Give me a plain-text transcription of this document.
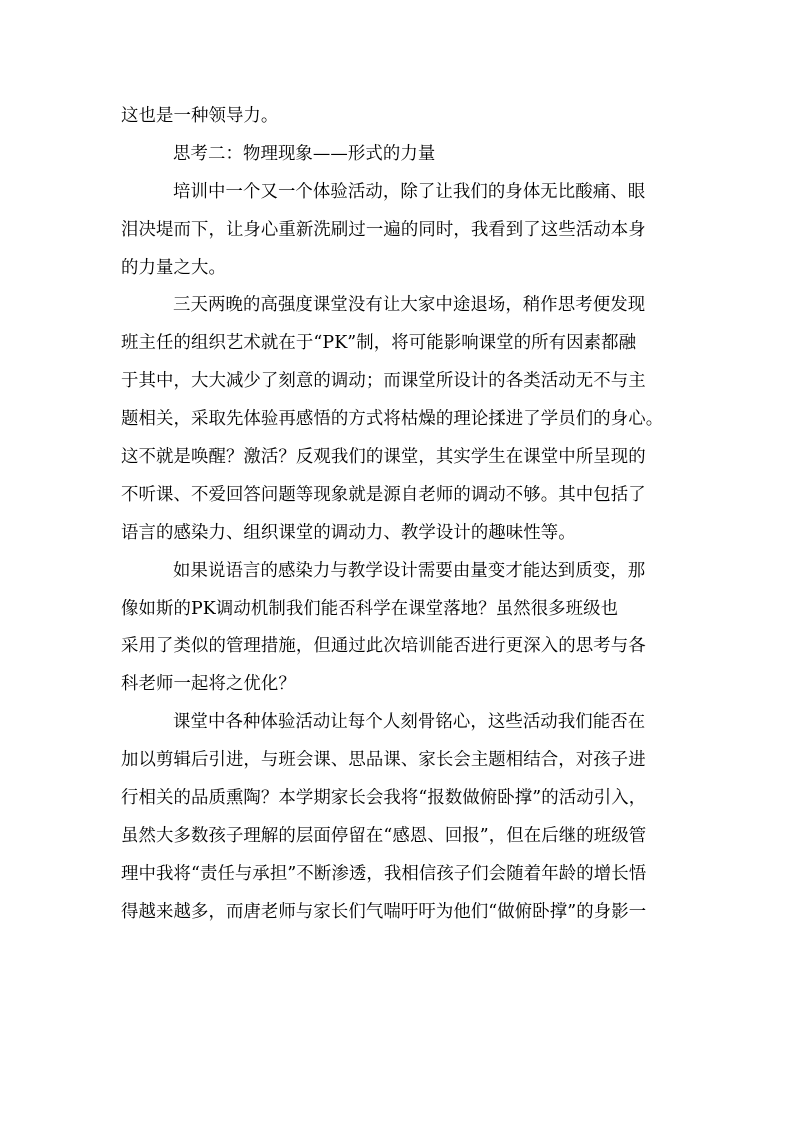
这也是一种领导力。
思考二：物理现象——形式的力量
培训中一个又一个体验活动，除了让我们的身体无比酸痛、眼
泪决堤而下，让身心重新洗刷过一遍的同时，我看到了这些活动本身
的力量之大。
三天两晚的高强度课堂没有让大家中途退场，稍作思考便发现
班主任的组织艺术就在于“PK”制，将可能影响课堂的所有因素都融
于其中，大大减少了刻意的调动；而课堂所设计的各类活动无不与主
题相关，采取先体验再感悟的方式将枯燥的理论揉进了学员们的身心。
这不就是唤醒？激活？反观我们的课堂，其实学生在课堂中所呈现的
不听课、不爱回答问题等现象就是源自老师的调动不够。其中包括了
语言的感染力、组织课堂的调动力、教学设计的趣味性等。
如果说语言的感染力与教学设计需要由量变才能达到质变，那
像如斯的PK调动机制我们能否科学在课堂落地？虽然很多班级也
采用了类似的管理措施，但通过此次培训能否进行更深入的思考与各
科老师一起将之优化？
课堂中各种体验活动让每个人刻骨铭心，这些活动我们能否在
加以剪辑后引进，与班会课、思品课、家长会主题相结合，对孩子进
行相关的品质熏陶？本学期家长会我将“报数做俯卧撑”的活动引入，
虽然大多数孩子理解的层面停留在“感恩、回报”，但在后继的班级管
理中我将“责任与承担”不断渗透，我相信孩子们会随着年龄的增长悟
得越来越多，而唐老师与家长们气喘吁吁为他们“做俯卧撑”的身影一
